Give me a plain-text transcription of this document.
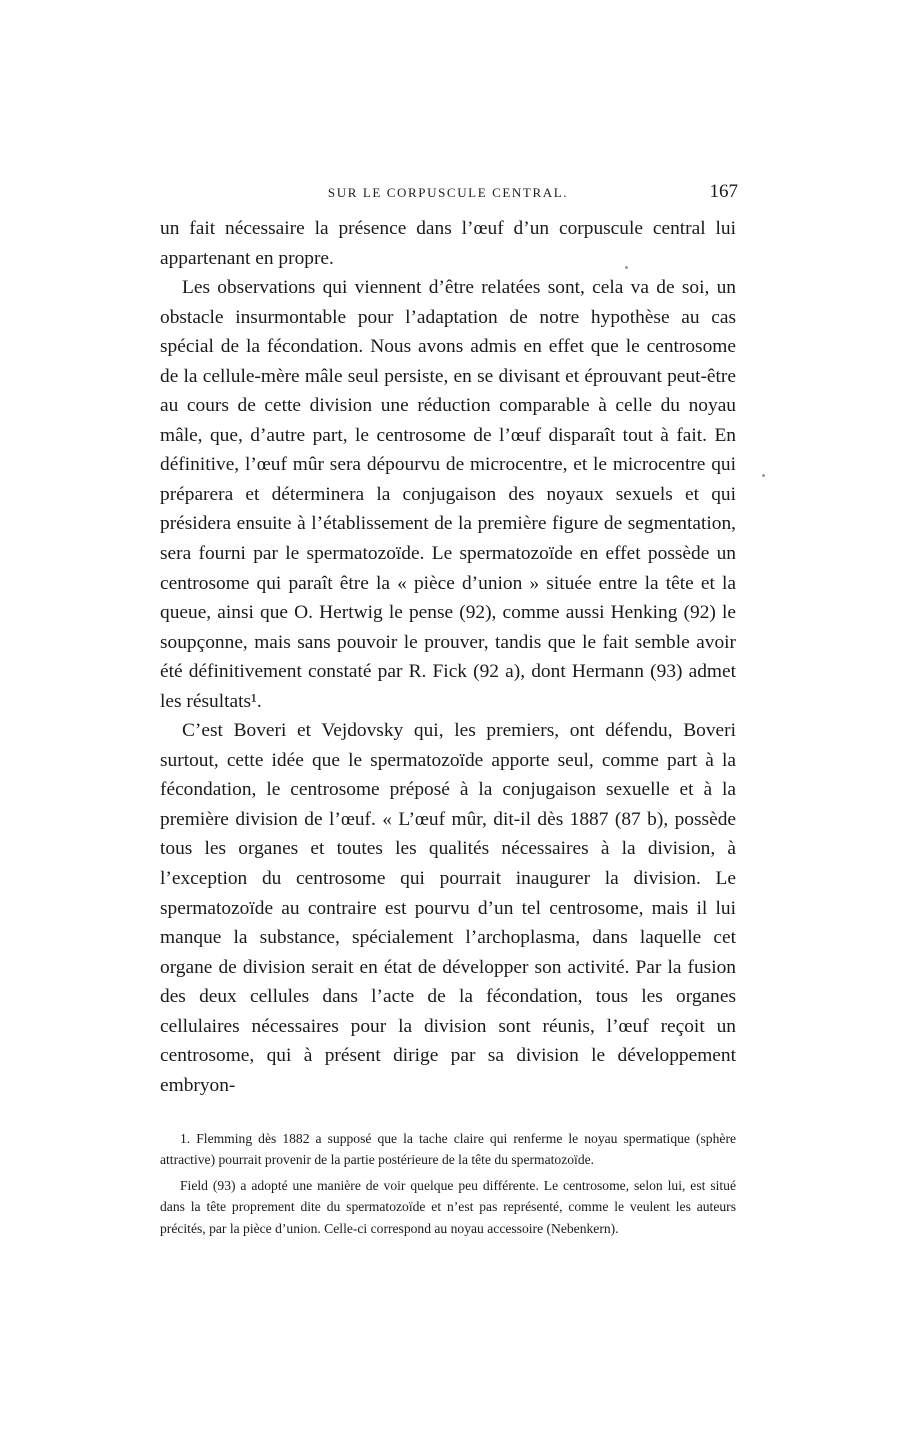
SUR LE CORPUSCULE CENTRAL.	167

un fait nécessaire la présence dans l’œuf d’un corpuscule central lui appartenant en propre.

Les observations qui viennent d’être relatées sont, cela va de soi, un obstacle insurmontable pour l’adaptation de notre hypothèse au cas spécial de la fécondation. Nous avons admis en effet que le centrosome de la cellule-mère mâle seul persiste, en se divisant et éprouvant peut-être au cours de cette division une réduction comparable à celle du noyau mâle, que, d’autre part, le centrosome de l’œuf disparaît tout à fait. En définitive, l’œuf mûr sera dépourvu de microcentre, et le microcentre qui préparera et déterminera la conjugaison des noyaux sexuels et qui présidera ensuite à l’établissement de la première figure de segmentation, sera fourni par le spermatozoïde. Le spermatozoïde en effet possède un centrosome qui paraît être la « pièce d’union » située entre la tête et la queue, ainsi que O. Hertwig le pense (92), comme aussi Henking (92) le soupçonne, mais sans pouvoir le prouver, tandis que le fait semble avoir été définitivement constaté par R. Fick (92 a), dont Hermann (93) admet les résultats¹.

C’est Boveri et Vejdovsky qui, les premiers, ont défendu, Boveri surtout, cette idée que le spermatozoïde apporte seul, comme part à la fécondation, le centrosome préposé à la conjugaison sexuelle et à la première division de l’œuf. « L’œuf mûr, dit-il dès 1887 (87 b), possède tous les organes et toutes les qualités nécessaires à la division, à l’exception du centrosome qui pourrait inaugurer la division. Le spermatozoïde au contraire est pourvu d’un tel centrosome, mais il lui manque la substance, spécialement l’archoplasma, dans laquelle cet organe de division serait en état de développer son activité. Par la fusion des deux cellules dans l’acte de la fécondation, tous les organes cellulaires nécessaires pour la division sont réunis, l’œuf reçoit un centrosome, qui à présent dirige par sa division le développement embryon-

1. Flemming dès 1882 a supposé que la tache claire qui renferme le noyau spermatique (sphère attractive) pourrait provenir de la partie postérieure de la tête du spermatozoïde.

Field (93) a adopté une manière de voir quelque peu différente. Le centrosome, selon lui, est situé dans la tête proprement dite du spermatozoïde et n’est pas représenté, comme le veulent les auteurs précités, par la pièce d’union. Celle-ci correspond au noyau accessoire (Nebenkern).
